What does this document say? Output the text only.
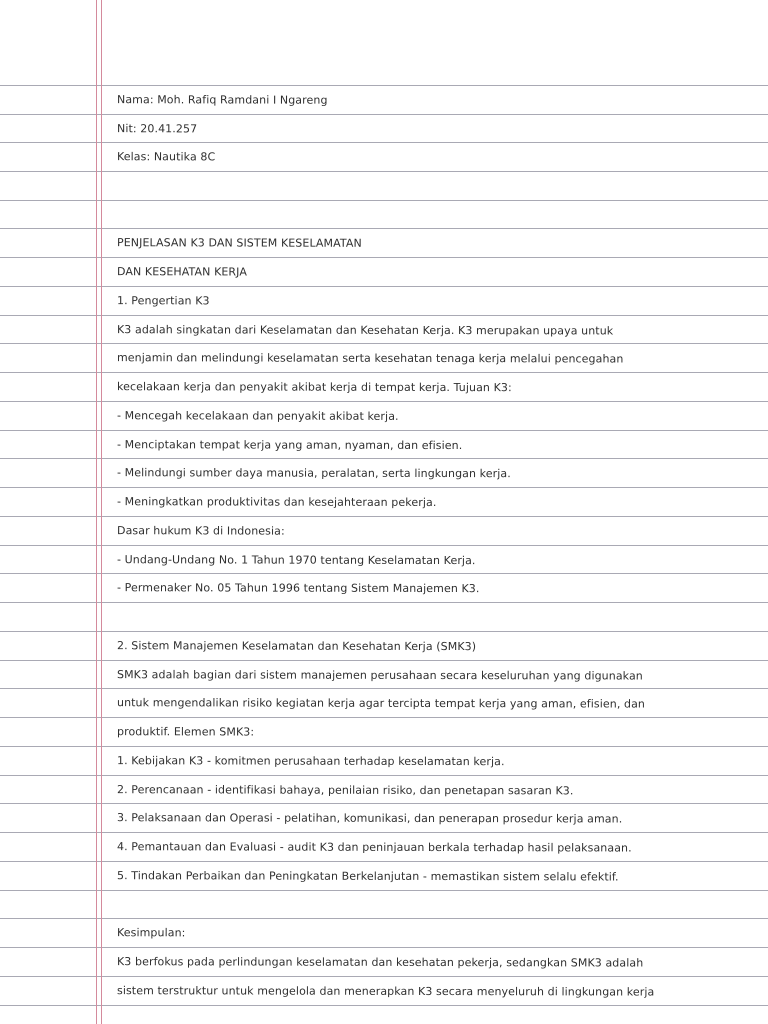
Nama: Moh. Rafiq Ramdani I Ngareng
Nit: 20.41.257
Kelas: Nautika 8C
PENJELASAN K3 DAN SISTEM KESELAMATAN
DAN KESEHATAN KERJA
1. Pengertian K3
K3 adalah singkatan dari Keselamatan dan Kesehatan Kerja. K3 merupakan upaya untuk
menjamin dan melindungi keselamatan serta kesehatan tenaga kerja melalui pencegahan
kecelakaan kerja dan penyakit akibat kerja di tempat kerja. Tujuan K3:
- Mencegah kecelakaan dan penyakit akibat kerja.
- Menciptakan tempat kerja yang aman, nyaman, dan efisien.
- Melindungi sumber daya manusia, peralatan, serta lingkungan kerja.
- Meningkatkan produktivitas dan kesejahteraan pekerja.
Dasar hukum K3 di Indonesia:
- Undang-Undang No. 1 Tahun 1970 tentang Keselamatan Kerja.
- Permenaker No. 05 Tahun 1996 tentang Sistem Manajemen K3.
2. Sistem Manajemen Keselamatan dan Kesehatan Kerja (SMK3)
SMK3 adalah bagian dari sistem manajemen perusahaan secara keseluruhan yang digunakan
untuk mengendalikan risiko kegiatan kerja agar tercipta tempat kerja yang aman, efisien, dan
produktif. Elemen SMK3:
1. Kebijakan K3 - komitmen perusahaan terhadap keselamatan kerja.
2. Perencanaan - identifikasi bahaya, penilaian risiko, dan penetapan sasaran K3.
3. Pelaksanaan dan Operasi - pelatihan, komunikasi, dan penerapan prosedur kerja aman.
4. Pemantauan dan Evaluasi - audit K3 dan peninjauan berkala terhadap hasil pelaksanaan.
5. Tindakan Perbaikan dan Peningkatan Berkelanjutan - memastikan sistem selalu efektif.
Kesimpulan:
K3 berfokus pada perlindungan keselamatan dan kesehatan pekerja, sedangkan SMK3 adalah
sistem terstruktur untuk mengelola dan menerapkan K3 secara menyeluruh di lingkungan kerja
